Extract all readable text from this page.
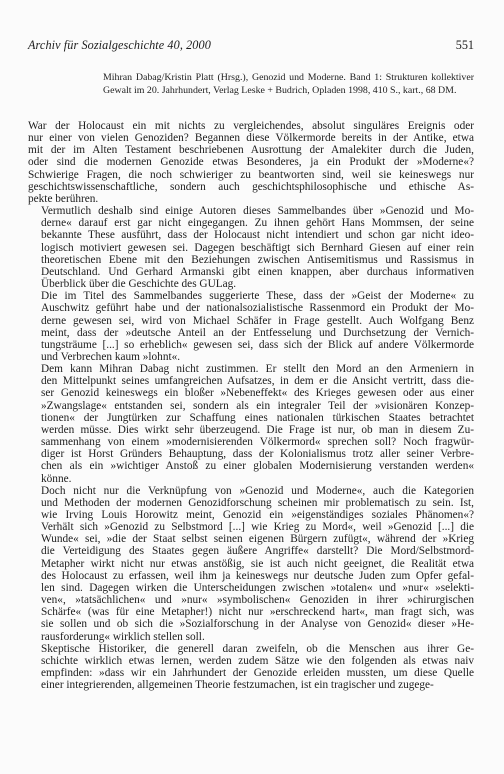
Archiv für Sozialgeschichte 40, 2000	551
Mihran Dabag/Kristin Platt (Hrsg.), Genozid und Moderne. Band 1: Strukturen kollektiver Gewalt im 20. Jahrhundert, Verlag Leske + Budrich, Opladen 1998, 410 S., kart., 68 DM.

War der Holocaust ein mit nichts zu vergleichendes, absolut singuläres Ereignis oder
nur einer von vielen Genoziden? Begannen diese Völkermorde bereits in der Antike, etwa
mit der im Alten Testament beschriebenen Ausrottung der Amalekiter durch die Juden,
oder sind die modernen Genozide etwas Besonderes, ja ein Produkt der »Moderne«?
Schwierige Fragen, die noch schwieriger zu beantworten sind, weil sie keineswegs nur
geschichtswissenschaftliche, sondern auch geschichtsphilosophische und ethische As-
pekte berühren.

Vermutlich deshalb sind einige Autoren dieses Sammelbandes über »Genozid und Mo-
derne« darauf erst gar nicht eingegangen. Zu ihnen gehört Hans Mommsen, der seine
bekannte These ausführt, dass der Holocaust nicht intendiert und schon gar nicht ideo-
logisch motiviert gewesen sei. Dagegen beschäftigt sich Bernhard Giesen auf einer rein
theoretischen Ebene mit den Beziehungen zwischen Antisemitismus und Rassismus in
Deutschland. Und Gerhard Armanski gibt einen knappen, aber durchaus informativen
Überblick über die Geschichte des GULag.

Die im Titel des Sammelbandes suggerierte These, dass der »Geist der Moderne« zu
Auschwitz geführt habe und der nationalsozialistische Rassenmord ein Produkt der Mo-
derne gewesen sei, wird von Michael Schäfer in Frage gestellt. Auch Wolfgang Benz
meint, dass der »deutsche Anteil an der Entfesselung und Durchsetzung der Vernich-
tungsträume [...] so erheblich« gewesen sei, dass sich der Blick auf andere Völkermorde
und Verbrechen kaum »lohnt«.

Dem kann Mihran Dabag nicht zustimmen. Er stellt den Mord an den Armeniern in
den Mittelpunkt seines umfangreichen Aufsatzes, in dem er die Ansicht vertritt, dass die-
ser Genozid keineswegs ein bloßer »Nebeneffekt« des Krieges gewesen oder aus einer
»Zwangslage« entstanden sei, sondern als ein integraler Teil der »visionären Konzep-
tionen« der Jungtürken zur Schaffung eines nationalen türkischen Staates betrachtet
werden müsse. Dies wirkt sehr überzeugend. Die Frage ist nur, ob man in diesem Zu-
sammenhang von einem »modernisierenden Völkermord« sprechen soll? Noch fragwür-
diger ist Horst Gründers Behauptung, dass der Kolonialismus trotz aller seiner Verbre-
chen als ein »wichtiger Anstoß zu einer globalen Modernisierung verstanden werden«
könne.

Doch nicht nur die Verknüpfung von »Genozid und Moderne«, auch die Kategorien
und Methoden der modernen Genozidforschung scheinen mir problematisch zu sein. Ist,
wie Irving Louis Horowitz meint, Genozid ein »eigenständiges soziales Phänomen«?
Verhält sich »Genozid zu Selbstmord [...] wie Krieg zu Mord«, weil »Genozid [...] die
Wunde« sei, »die der Staat selbst seinen eigenen Bürgern zufügt«, während der »Krieg
die Verteidigung des Staates gegen äußere Angriffe« darstellt? Die Mord/Selbstmord-
Metapher wirkt nicht nur etwas anstößig, sie ist auch nicht geeignet, die Realität etwa
des Holocaust zu erfassen, weil ihm ja keineswegs nur deutsche Juden zum Opfer gefal-
len sind. Dagegen wirken die Unterscheidungen zwischen »totalen« und »nur« »selekti-
ven«, »tatsächlichen« und »nur« »symbolischen« Genoziden in ihrer »chirurgischen
Schärfe« (was für eine Metapher!) nicht nur »erschreckend hart«, man fragt sich, was
sie sollen und ob sich die »Sozialforschung in der Analyse von Genozid« dieser »He-
rausforderung« wirklich stellen soll.

Skeptische Historiker, die generell daran zweifeln, ob die Menschen aus ihrer Ge-
schichte wirklich etwas lernen, werden zudem Sätze wie den folgenden als etwas naiv
empfinden: »dass wir ein Jahrhundert der Genozide erleiden mussten, um diese Quelle
einer integrierenden, allgemeinen Theorie festzumachen, ist ein tragischer und zugege-
